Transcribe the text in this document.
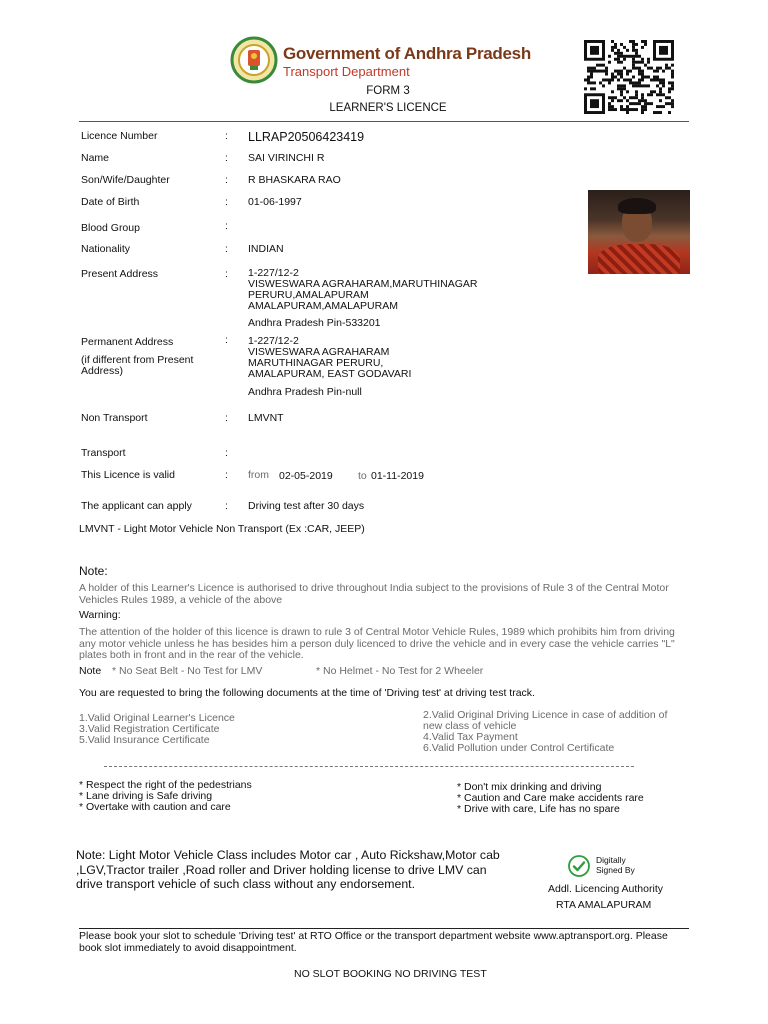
Government of Andhra Pradesh
Transport Department
FORM 3
LEARNER'S LICENCE
Licence Number	: LLRAP20506423419
Name	: SAI VIRINCHI R
Son/Wife/Daughter	: R BHASKARA RAO
Date of Birth	: 01-06-1997
Blood Group	:
Nationality	: INDIAN
Present Address	: 1-227/12-2
VISWESWARA AGRAHARAM,MARUTHINAGAR
PERURU,AMALAPURAM
AMALAPURAM,AMALAPURAM
Andhra Pradesh Pin-533201
Permanent Address
(if different from Present
Address)
: 1-227/12-2
VISWESWARA AGRAHARAM
MARUTHINAGAR PERURU,
AMALAPURAM, EAST GODAVARI
Andhra Pradesh Pin-null
Non Transport	: LMVNT
Transport	:
This Licence is valid	: from 02-05-2019 to 01-11-2019
The applicant can apply	: Driving test after 30 days
LMVNT - Light Motor Vehicle Non Transport (Ex :CAR, JEEP)
Note:
A holder of this Learner's Licence is authorised to drive throughout India subject to the provisions of Rule 3 of the Central Motor Vehicles Rules 1989, a vehicle of the above
Warning:
The attention of the holder of this licence is drawn to rule 3 of Central Motor Vehicle Rules, 1989 which prohibits him from driving any motor vehicle unless he has besides him a person duly licenced to drive the vehicle and in every case the vehicle carries "L" plates both in front and in the rear of the vehicle.
Note * No Seat Belt - No Test for LMV	* No Helmet - No Test for 2 Wheeler
You are requested to bring the following documents at the time of 'Driving test' at driving test track.
1.Valid Original Learner's Licence
3.Valid Registration Certificate
5.Valid Insurance Certificate
2.Valid Original Driving Licence in case of addition of
new class of vehicle
4.Valid Tax Payment
6.Valid Pollution under Control Certificate
* Respect the right of the pedestrians
* Lane driving is Safe driving
* Overtake with caution and care
* Don't mix drinking and driving
* Caution and Care make accidents rare
* Drive with care, Life has no spare
Note: Light Motor Vehicle Class includes Motor car , Auto Rickshaw,Motor cab ,LGV,Tractor trailer ,Road roller and Driver holding license to drive LMV can drive transport vehicle of such class without any endorsement.
Digitally
Signed By
Addl. Licencing Authority
RTA AMALAPURAM
Please book your slot to schedule 'Driving test' at RTO Office or the transport department website www.aptransport.org. Please book slot immediately to avoid disappointment.
NO SLOT BOOKING NO DRIVING TEST
